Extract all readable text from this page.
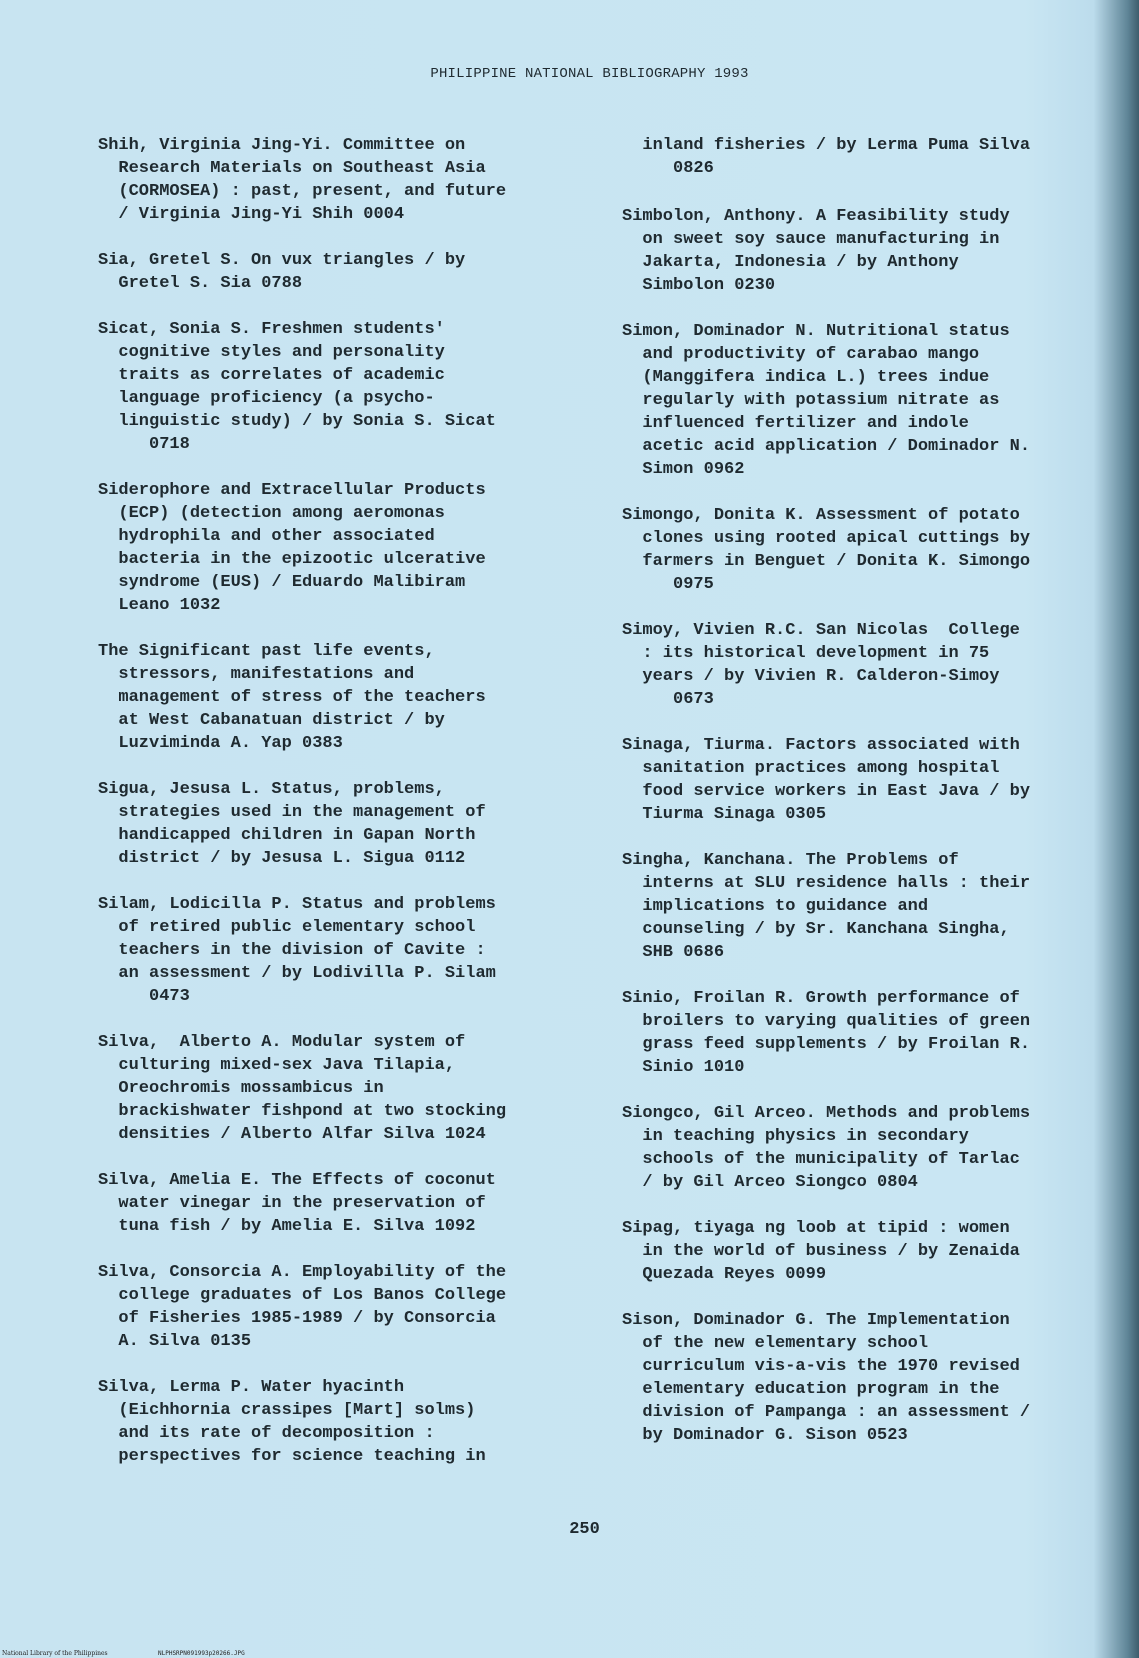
PHILIPPINE NATIONAL BIBLIOGRAPHY 1993

Shih, Virginia Jing-Yi. Committee on
Research Materials on Southeast Asia
(CORMOSEA) : past, present, and future
/ Virginia Jing-Yi Shih 0004

Sia, Gretel S. On vux triangles / by
Gretel S. Sia 0788

Sicat, Sonia S. Freshmen students'
cognitive styles and personality
traits as correlates of academic
language proficiency (a psycho-
linguistic study) / by Sonia S. Sicat
0718

Siderophore and Extracellular Products
(ECP) (detection among aeromonas
hydrophila and other associated
bacteria in the epizootic ulcerative
syndrome (EUS) / Eduardo Malibiram
Leano 1032

The Significant past life events,
stressors, manifestations and
management of stress of the teachers
at West Cabanatuan district / by
Luzviminda A. Yap 0383

Sigua, Jesusa L. Status, problems,
strategies used in the management of
handicapped children in Gapan North
district / by Jesusa L. Sigua 0112

Silam, Lodicilla P. Status and problems
of retired public elementary school
teachers in the division of Cavite :
an assessment / by Lodivilla P. Silam
0473

Silva,  Alberto A. Modular system of
culturing mixed-sex Java Tilapia,
Oreochromis mossambicus in
brackishwater fishpond at two stocking
densities / Alberto Alfar Silva 1024

Silva, Amelia E. The Effects of coconut
water vinegar in the preservation of
tuna fish / by Amelia E. Silva 1092

Silva, Consorcia A. Employability of the
college graduates of Los Banos College
of Fisheries 1985-1989 / by Consorcia
A. Silva 0135

Silva, Lerma P. Water hyacinth
(Eichhornia crassipes [Mart] solms)
and its rate of decomposition :
perspectives for science teaching in

inland fisheries / by Lerma Puma Silva
0826

Simbolon, Anthony. A Feasibility study
on sweet soy sauce manufacturing in
Jakarta, Indonesia / by Anthony
Simbolon 0230

Simon, Dominador N. Nutritional status
and productivity of carabao mango
(Manggifera indica L.) trees indue
regularly with potassium nitrate as
influenced fertilizer and indole
acetic acid application / Dominador N.
Simon 0962

Simongo, Donita K. Assessment of potato
clones using rooted apical cuttings by
farmers in Benguet / Donita K. Simongo
0975

Simoy, Vivien R.C. San Nicolas  College
: its historical development in 75
years / by Vivien R. Calderon-Simoy
0673

Sinaga, Tiurma. Factors associated with
sanitation practices among hospital
food service workers in East Java / by
Tiurma Sinaga 0305

Singha, Kanchana. The Problems of
interns at SLU residence halls : their
implications to guidance and
counseling / by Sr. Kanchana Singha,
SHB 0686

Sinio, Froilan R. Growth performance of
broilers to varying qualities of green
grass feed supplements / by Froilan R.
Sinio 1010

Siongco, Gil Arceo. Methods and problems
in teaching physics in secondary
schools of the municipality of Tarlac
/ by Gil Arceo Siongco 0804

Sipag, tiyaga ng loob at tipid : women
in the world of business / by Zenaida
Quezada Reyes 0099

Sison, Dominador G. The Implementation
of the new elementary school
curriculum vis-a-vis the 1970 revised
elementary education program in the
division of Pampanga : an assessment /
by Dominador G. Sison 0523

250
National Library of the Philippines	NLPHSRPN091993p20266.JPG
